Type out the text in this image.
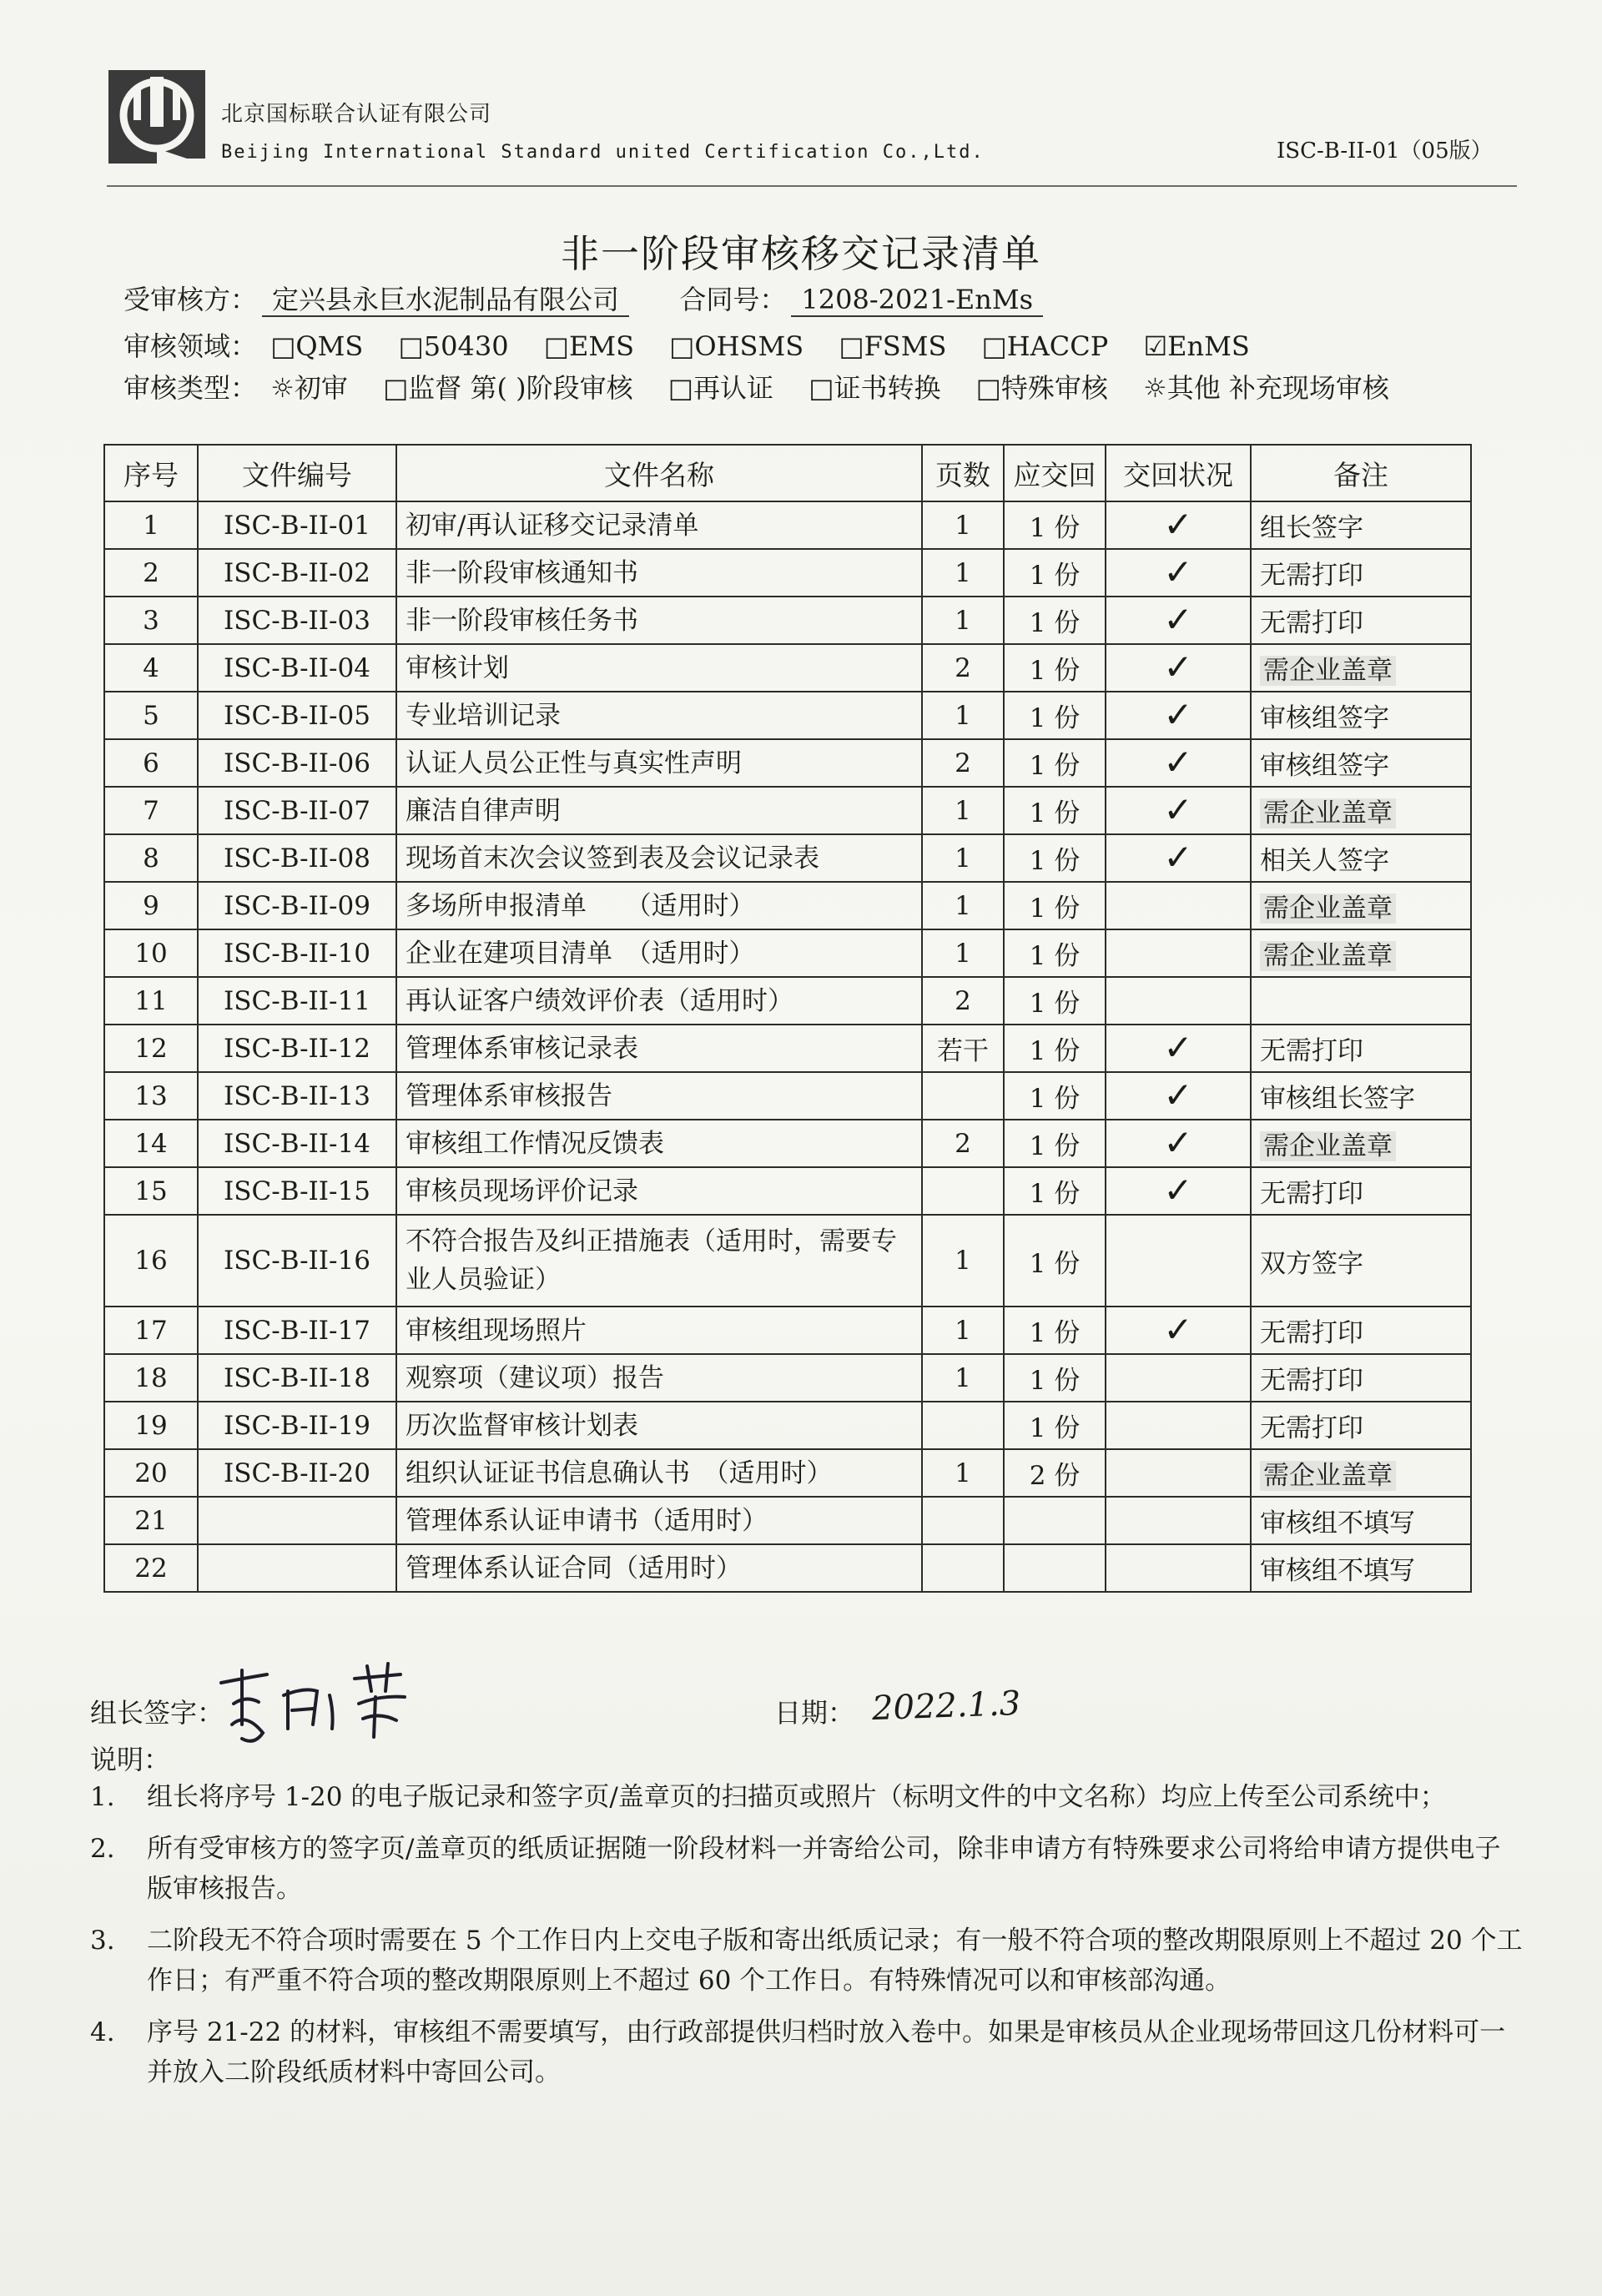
北京国标联合认证有限公司
Beijing International Standard united Certification Co.,Ltd.	ISC-B-II-01（05版）
非一阶段审核移交记录清单
受审核方： 定兴县永巨水泥制品有限公司 合同号： 1208-2021-EnMs
审核领域： □QMS □50430 □EMS □OHSMS □FSMS □HACCP ☑EnMS
审核类型： ☼初审 □监督 第( )阶段审核 □再认证 □证书转换 □特殊审核 ☼其他 补充现场审核
序号	文件编号	文件名称	页数	应交回	交回状况	备注
1	ISC-B-II-01	初审/再认证移交记录清单	1	1 份	✓	组长签字
2	ISC-B-II-02	非一阶段审核通知书	1	1 份	✓	无需打印
3	ISC-B-II-03	非一阶段审核任务书	1	1 份	✓	无需打印
4	ISC-B-II-04	审核计划	2	1 份	✓	需企业盖章
5	ISC-B-II-05	专业培训记录	1	1 份	✓	审核组签字
6	ISC-B-II-06	认证人员公正性与真实性声明	2	1 份	✓	审核组签字
7	ISC-B-II-07	廉洁自律声明	1	1 份	✓	需企业盖章
8	ISC-B-II-08	现场首末次会议签到表及会议记录表	1	1 份	✓	相关人签字
9	ISC-B-II-09	多场所申报清单　　（适用时）	1	1 份		需企业盖章
10	ISC-B-II-10	企业在建项目清单　（适用时）	1	1 份		需企业盖章
11	ISC-B-II-11	再认证客户绩效评价表（适用时）	2	1 份		
12	ISC-B-II-12	管理体系审核记录表	若干	1 份	✓	无需打印
13	ISC-B-II-13	管理体系审核报告		1 份	✓	审核组长签字
14	ISC-B-II-14	审核组工作情况反馈表	2	1 份	✓	需企业盖章
15	ISC-B-II-15	审核员现场评价记录		1 份	✓	无需打印
16	ISC-B-II-16	不符合报告及纠正措施表（适用时，需要专业人员验证）	1	1 份		双方签字
17	ISC-B-II-17	审核组现场照片	1	1 份	✓	无需打印
18	ISC-B-II-18	观察项（建议项）报告	1	1 份		无需打印
19	ISC-B-II-19	历次监督审核计划表		1 份		无需打印
20	ISC-B-II-20	组织认证证书信息确认书　（适用时）	1	2 份		需企业盖章
21		管理体系认证申请书（适用时）				审核组不填写
22		管理体系认证合同（适用时）				审核组不填写
组长签字：	日期： 2022.1.3
说明：
1.	组长将序号 1-20 的电子版记录和签字页/盖章页的扫描页或照片（标明文件的中文名称）均应上传至公司系统中；
2.	所有受审核方的签字页/盖章页的纸质证据随一阶段材料一并寄给公司，除非申请方有特殊要求公司将给申请方提供电子版审核报告。
3.	二阶段无不符合项时需要在 5 个工作日内上交电子版和寄出纸质记录；有一般不符合项的整改期限原则上不超过 20 个工作日；有严重不符合项的整改期限原则上不超过 60 个工作日。有特殊情况可以和审核部沟通。
4.	序号 21-22 的材料，审核组不需要填写，由行政部提供归档时放入卷中。如果是审核员从企业现场带回这几份材料可一并放入二阶段纸质材料中寄回公司。
